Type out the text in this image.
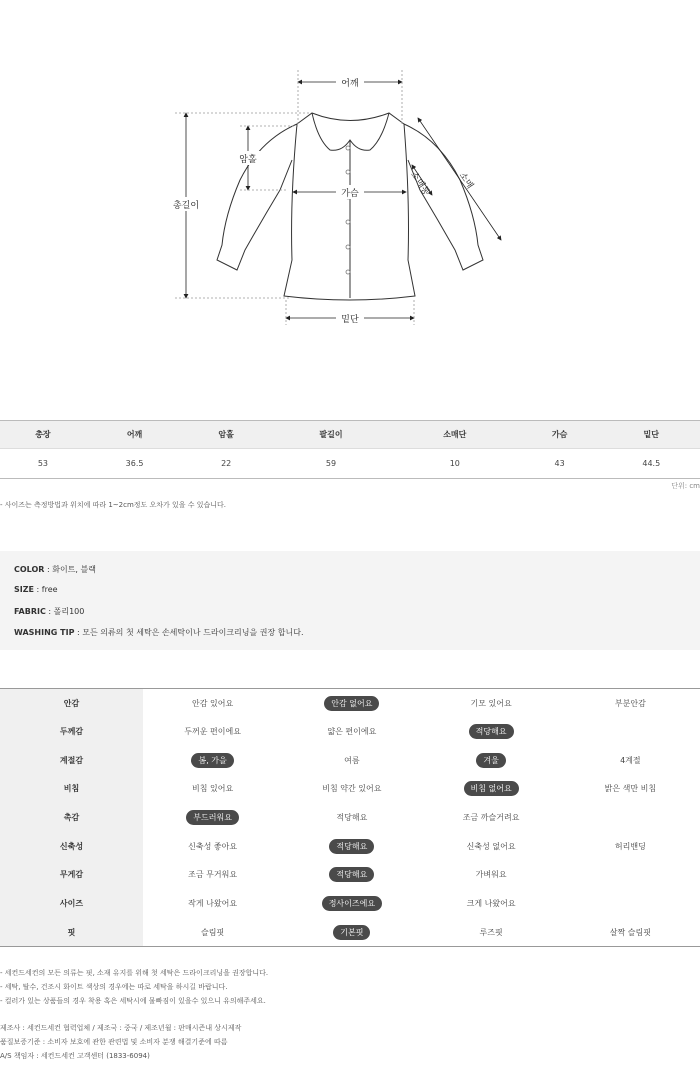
어깨
총길이
암홀
가슴
소매
소매통
밑단
총장	어깨	암홀	팔길이	소매단	가슴	밑단
53	36.5	22	59	10	43	44.5
단위: cm
- 사이즈는 측정방법과 위치에 따라 1~2cm정도 오차가 있을 수 있습니다.
COLOR : 화이트, 블랙
SIZE : free
FABRIC : 폴리100
WASHING TIP : 모든 의류의 첫 세탁은 손세탁이나 드라이크리닝을 권장 합니다.
안감	안감 있어요	안감 없어요	기모 있어요	부분안감
두께감	두꺼운 편이에요	얇은 편이에요	적당해요	
계절감	봄, 가을	여름	겨울	4계절
비침	비침 있어요	비침 약간 있어요	비침 없어요	밝은 색만 비침
촉감	부드러워요	적당해요	조금 까슬거려요	
신축성	신축성 좋아요	적당해요	신축성 없어요	허리밴딩
무게감	조금 무거워요	적당해요	가벼워요	
사이즈	작게 나왔어요	정사이즈에요	크게 나왔어요	
핏	슬림핏	기본핏	루즈핏	살짝 슬림핏
- 세컨드세컨의 모든 의류는 핏, 소재 유지를 위해 첫 세탁은 드라이크리닝을 권장합니다.
- 세탁, 탈수, 건조시 화이트 색상의 경우에는 따로 세탁을 하시길 바랍니다.
- 컬러가 있는 상품들의 경우 착용 혹은 세탁시에 물빠짐이 있을수 있으니 유의해주세요.
제조사 : 세컨드세컨 협력업체 / 제조국 : 중국 / 제조년월 : 판매시즌내 상시제작
품질보증기준 : 소비자 보호에 관한 관련법 및 소비자 분쟁 해결기준에 따름
A/S 책임자 : 세컨드세컨 고객센터 (1833-6094)
